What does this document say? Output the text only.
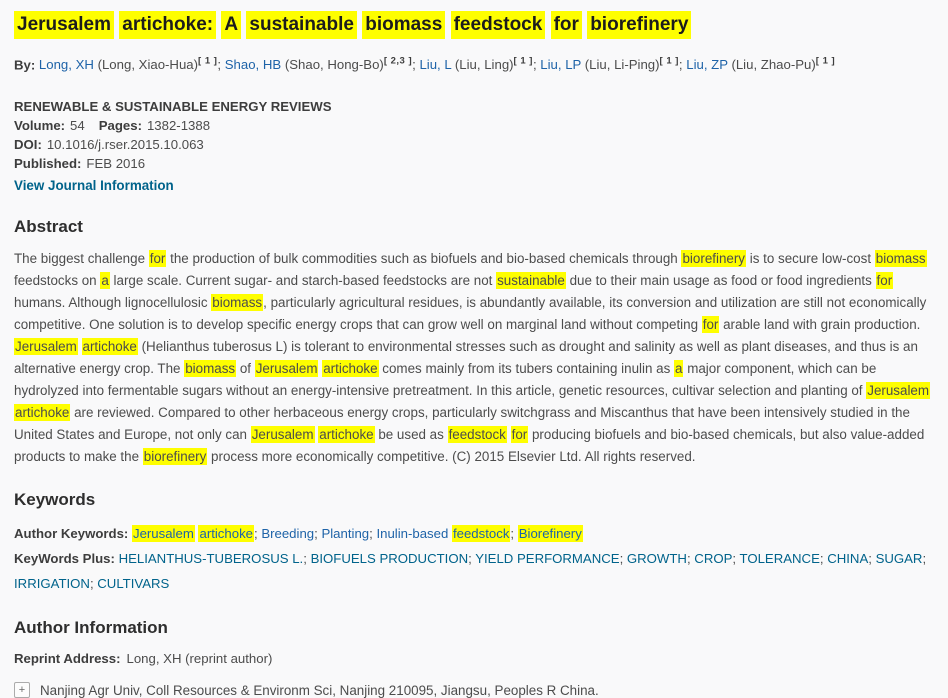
Jerusalem artichoke: A sustainable biomass feedstock for biorefinery
By: Long, XH (Long, Xiao-Hua)[ 1 ]; Shao, HB (Shao, Hong-Bo)[ 2,3 ]; Liu, L (Liu, Ling)[ 1 ]; Liu, LP (Liu, Li-Ping)[ 1 ]; Liu, ZP (Liu, Zhao-Pu)[ 1 ]
RENEWABLE & SUSTAINABLE ENERGY REVIEWS
Volume: 54 Pages: 1382-1388
DOI: 10.1016/j.rser.2015.10.063
Published: FEB 2016
View Journal Information
Abstract

The biggest challenge for the production of bulk commodities such as biofuels and bio-based chemicals through biorefinery is to secure low-cost biomass feedstocks on a large scale. Current sugar- and starch-based feedstocks are not sustainable due to their main usage as food or food ingredients for humans. Although lignocellulosic biomass, particularly agricultural residues, is abundantly available, its conversion and utilization are still not economically competitive. One solution is to develop specific energy crops that can grow well on marginal land without competing for arable land with grain production. Jerusalem artichoke (Helianthus tuberosus L) is tolerant to environmental stresses such as drought and salinity as well as plant diseases, and thus is an alternative energy crop. The biomass of Jerusalem artichoke comes mainly from its tubers containing inulin as a major component, which can be hydrolyzed into fermentable sugars without an energy-intensive pretreatment. In this article, genetic resources, cultivar selection and planting of Jerusalem artichoke are reviewed. Compared to other herbaceous energy crops, particularly switchgrass and Miscanthus that have been intensively studied in the United States and Europe, not only can Jerusalem artichoke be used as feedstock for producing biofuels and bio-based chemicals, but also value-added products to make the biorefinery process more economically competitive. (C) 2015 Elsevier Ltd. All rights reserved.

Keywords
Author Keywords: Jerusalem artichoke; Breeding; Planting; Inulin-based feedstock; Biorefinery
KeyWords Plus: HELIANTHUS-TUBEROSUS L.; BIOFUELS PRODUCTION; YIELD PERFORMANCE; GROWTH; CROP; TOLERANCE; CHINA; SUGAR; IRRIGATION; CULTIVARS
Author Information
Reprint Address: Long, XH (reprint author)
+	Nanjing Agr Univ, Coll Resources & Environm Sci, Nanjing 210095, Jiangsu, Peoples R China.
